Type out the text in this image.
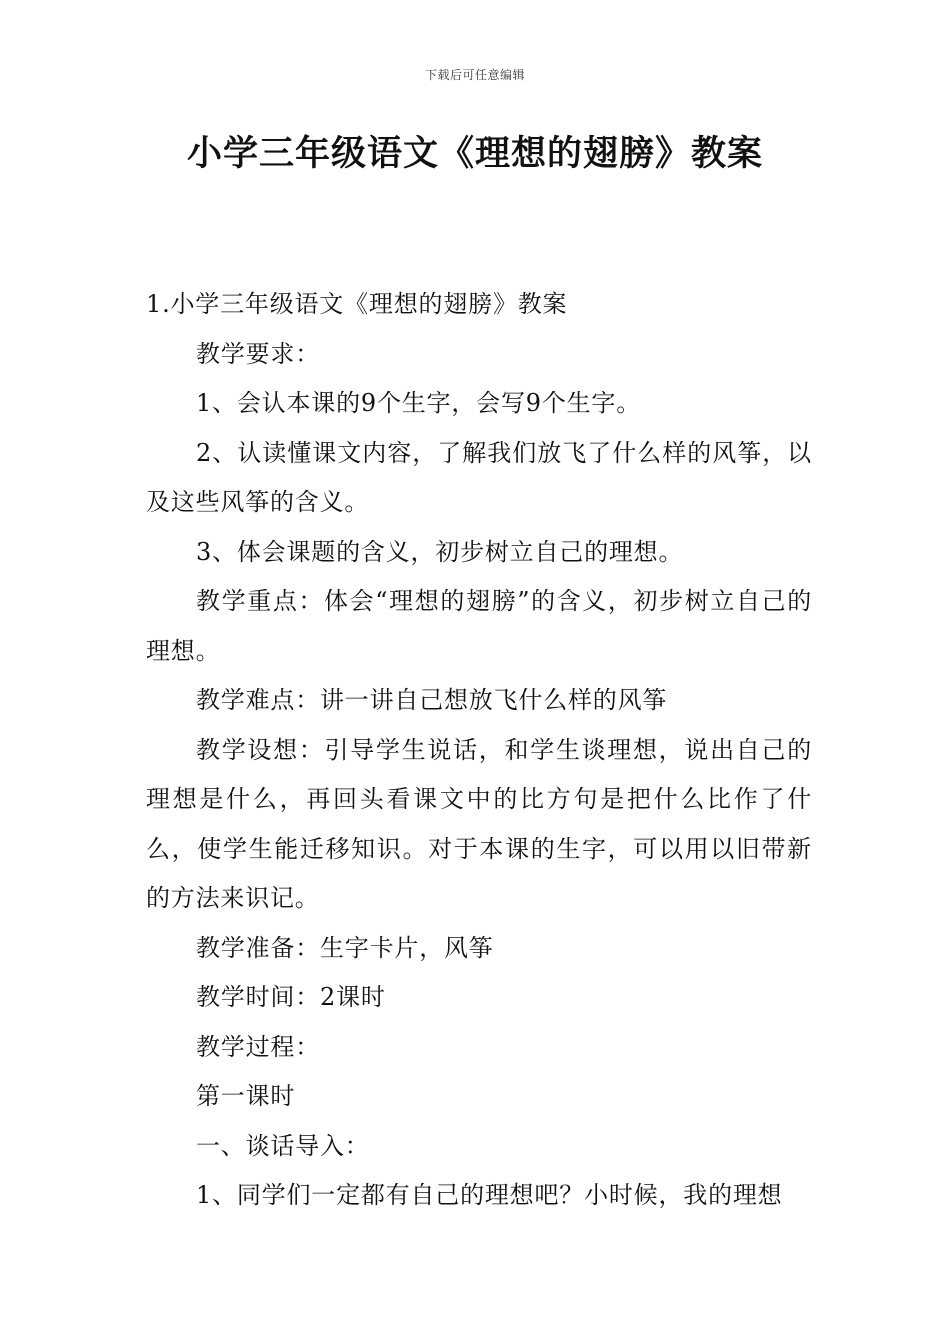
下载后可任意编辑
小学三年级语文《理想的翅膀》教案

1.小学三年级语文《理想的翅膀》教案

教学要求：

1、会认本课的9个生字，会写9个生字。

2、认读懂课文内容，了解我们放飞了什么样的风筝，以及这些风筝的含义。

3、体会课题的含义，初步树立自己的理想。

教学重点：体会“理想的翅膀”的含义，初步树立自己的理想。

教学难点：讲一讲自己想放飞什么样的风筝

教学设想：引导学生说话，和学生谈理想，说出自己的理想是什么，再回头看课文中的比方句是把什么比作了什么，使学生能迁移知识。对于本课的生字，可以用以旧带新的方法来识记。

教学准备：生字卡片，风筝

教学时间：2课时

教学过程：

第一课时

一、谈话导入：

1、同学们一定都有自己的理想吧？小时候，我的理想
